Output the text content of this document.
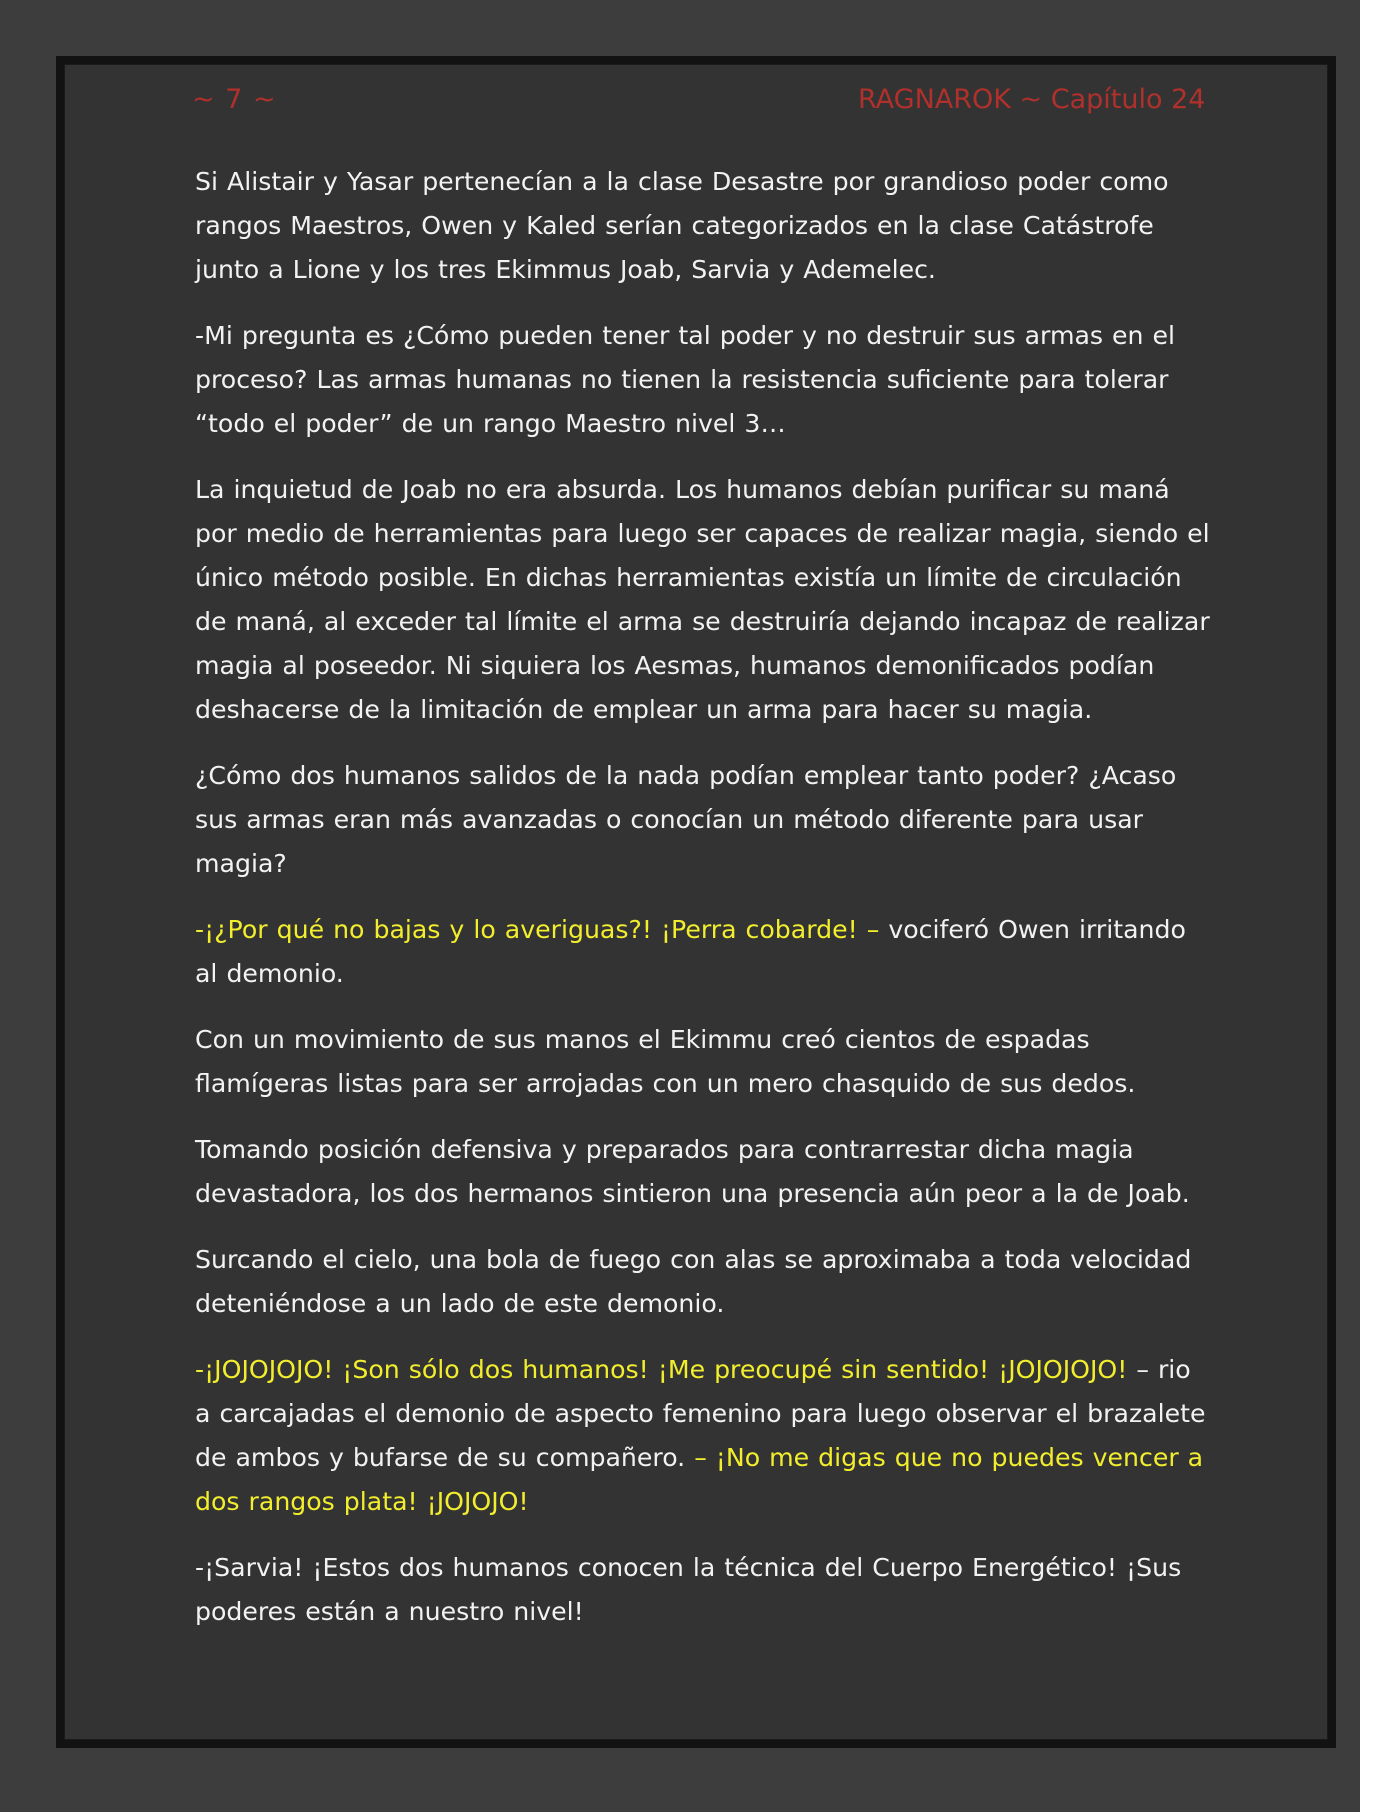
~ 7 ~	RAGNAROK ~ Capítulo 24

Si Alistair y Yasar pertenecían a la clase Desastre por grandioso poder como rangos Maestros, Owen y Kaled serían categorizados en la clase Catástrofe junto a Lione y los tres Ekimmus Joab, Sarvia y Ademelec.

-Mi pregunta es ¿Cómo pueden tener tal poder y no destruir sus armas en el proceso? Las armas humanas no tienen la resistencia suficiente para tolerar “todo el poder” de un rango Maestro nivel 3…

La inquietud de Joab no era absurda. Los humanos debían purificar su maná por medio de herramientas para luego ser capaces de realizar magia, siendo el único método posible. En dichas herramientas existía un límite de circulación de maná, al exceder tal límite el arma se destruiría dejando incapaz de realizar magia al poseedor. Ni siquiera los Aesmas, humanos demonificados podían deshacerse de la limitación de emplear un arma para hacer su magia.

¿Cómo dos humanos salidos de la nada podían emplear tanto poder? ¿Acaso sus armas eran más avanzadas o conocían un método diferente para usar magia?

-¡¿Por qué no bajas y lo averiguas?! ¡Perra cobarde! – vociferó Owen irritando al demonio.

Con un movimiento de sus manos el Ekimmu creó cientos de espadas flamígeras listas para ser arrojadas con un mero chasquido de sus dedos.

Tomando posición defensiva y preparados para contrarrestar dicha magia devastadora, los dos hermanos sintieron una presencia aún peor a la de Joab.

Surcando el cielo, una bola de fuego con alas se aproximaba a toda velocidad deteniéndose a un lado de este demonio.

-¡JOJOJOJO! ¡Son sólo dos humanos! ¡Me preocupé sin sentido! ¡JOJOJOJO! – rio a carcajadas el demonio de aspecto femenino para luego observar el brazalete de ambos y bufarse de su compañero. – ¡No me digas que no puedes vencer a dos rangos plata! ¡JOJOJO!

-¡Sarvia! ¡Estos dos humanos conocen la técnica del Cuerpo Energético! ¡Sus poderes están a nuestro nivel!
